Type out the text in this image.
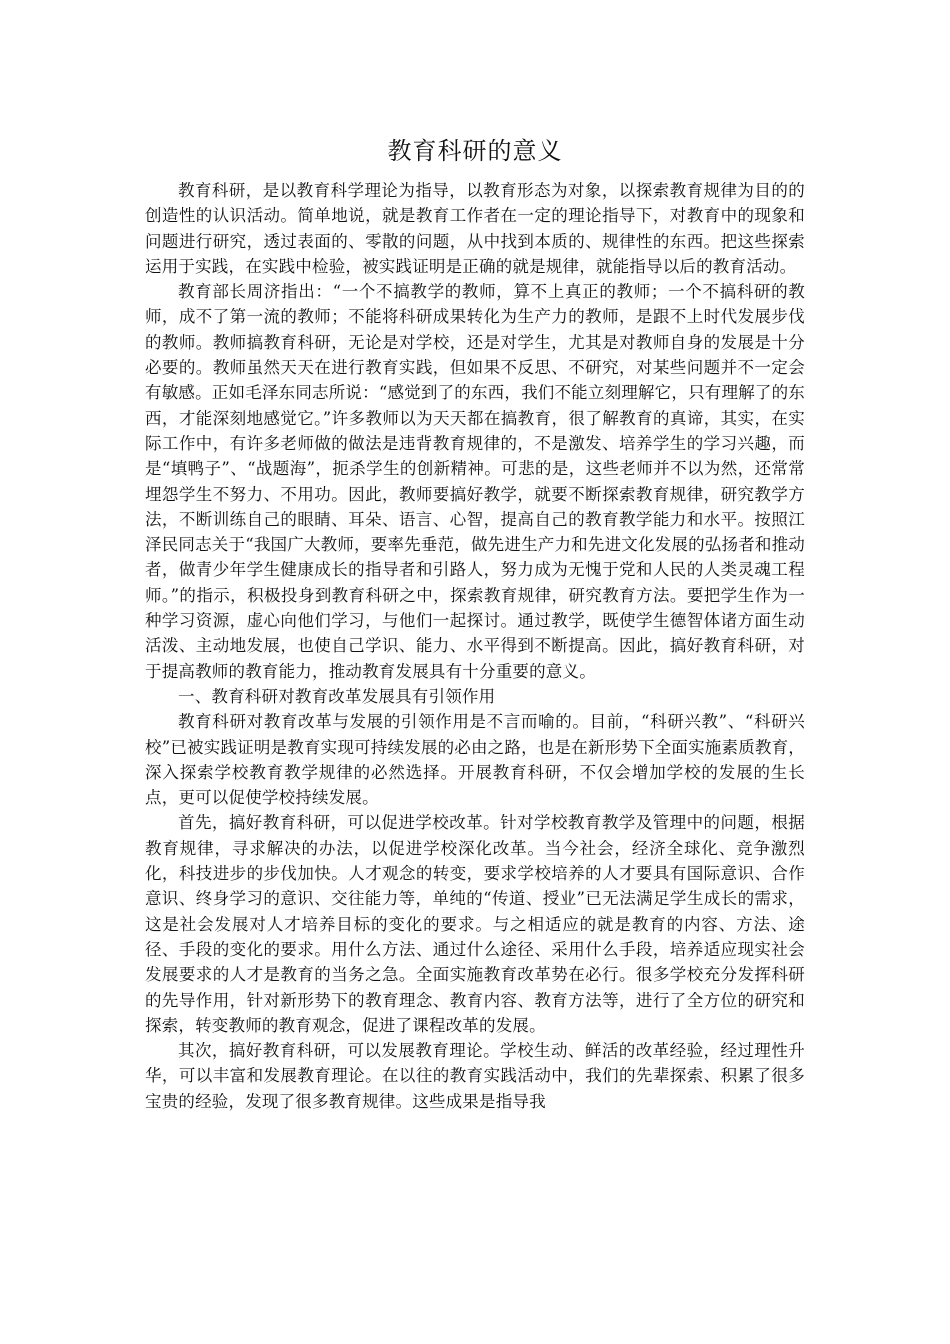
教育科研的意义

教育科研，是以教育科学理论为指导，以教育形态为对象，以探索教育规律为目的的创造性的认识活动。简单地说，就是教育工作者在一定的理论指导下，对教育中的现象和问题进行研究，透过表面的、零散的问题，从中找到本质的、规律性的东西。把这些探索运用于实践，在实践中检验，被实践证明是正确的就是规律，就能指导以后的教育活动。

教育部长周济指出：“一个不搞教学的教师，算不上真正的教师；一个不搞科研的教师，成不了第一流的教师；不能将科研成果转化为生产力的教师，是跟不上时代发展步伐的教师。教师搞教育科研，无论是对学校，还是对学生，尤其是对教师自身的发展是十分必要的。教师虽然天天在进行教育实践，但如果不反思、不研究，对某些问题并不一定会有敏感。正如毛泽东同志所说：“感觉到了的东西，我们不能立刻理解它，只有理解了的东西，才能深刻地感觉它。”许多教师以为天天都在搞教育，很了解教育的真谛，其实，在实际工作中，有许多老师做的做法是违背教育规律的，不是激发、培养学生的学习兴趣，而是“填鸭子”、“战题海”，扼杀学生的创新精神。可悲的是，这些老师并不以为然，还常常埋怨学生不努力、不用功。因此，教师要搞好教学，就要不断探索教育规律，研究教学方法，不断训练自己的眼睛、耳朵、语言、心智，提高自己的教育教学能力和水平。按照江泽民同志关于“我国广大教师，要率先垂范，做先进生产力和先进文化发展的弘扬者和推动者，做青少年学生健康成长的指导者和引路人，努力成为无愧于党和人民的人类灵魂工程师。”的指示，积极投身到教育科研之中，探索教育规律，研究教育方法。要把学生作为一种学习资源，虚心向他们学习，与他们一起探讨。通过教学，既使学生德智体诸方面生动活泼、主动地发展，也使自己学识、能力、水平得到不断提高。因此，搞好教育科研，对于提高教师的教育能力，推动教育发展具有十分重要的意义。

一、教育科研对教育改革发展具有引领作用

教育科研对教育改革与发展的引领作用是不言而喻的。目前，“科研兴教”、“科研兴校”已被实践证明是教育实现可持续发展的必由之路，也是在新形势下全面实施素质教育，深入探索学校教育教学规律的必然选择。开展教育科研，不仅会增加学校的发展的生长点，更可以促使学校持续发展。

首先，搞好教育科研，可以促进学校改革。针对学校教育教学及管理中的问题，根据教育规律，寻求解决的办法，以促进学校深化改革。当今社会，经济全球化、竞争激烈化，科技进步的步伐加快。人才观念的转变，要求学校培养的人才要具有国际意识、合作意识、终身学习的意识、交往能力等，单纯的“传道、授业”已无法满足学生成长的需求，这是社会发展对人才培养目标的变化的要求。与之相适应的就是教育的内容、方法、途径、手段的变化的要求。用什么方法、通过什么途径、采用什么手段，培养适应现实社会发展要求的人才是教育的当务之急。全面实施教育改革势在必行。很多学校充分发挥科研的先导作用，针对新形势下的教育理念、教育内容、教育方法等，进行了全方位的研究和探索，转变教师的教育观念，促进了课程改革的发展。

其次，搞好教育科研，可以发展教育理论。学校生动、鲜活的改革经验，经过理性升华，可以丰富和发展教育理论。在以往的教育实践活动中，我们的先辈探索、积累了很多宝贵的经验，发现了很多教育规律。这些成果是指导我
